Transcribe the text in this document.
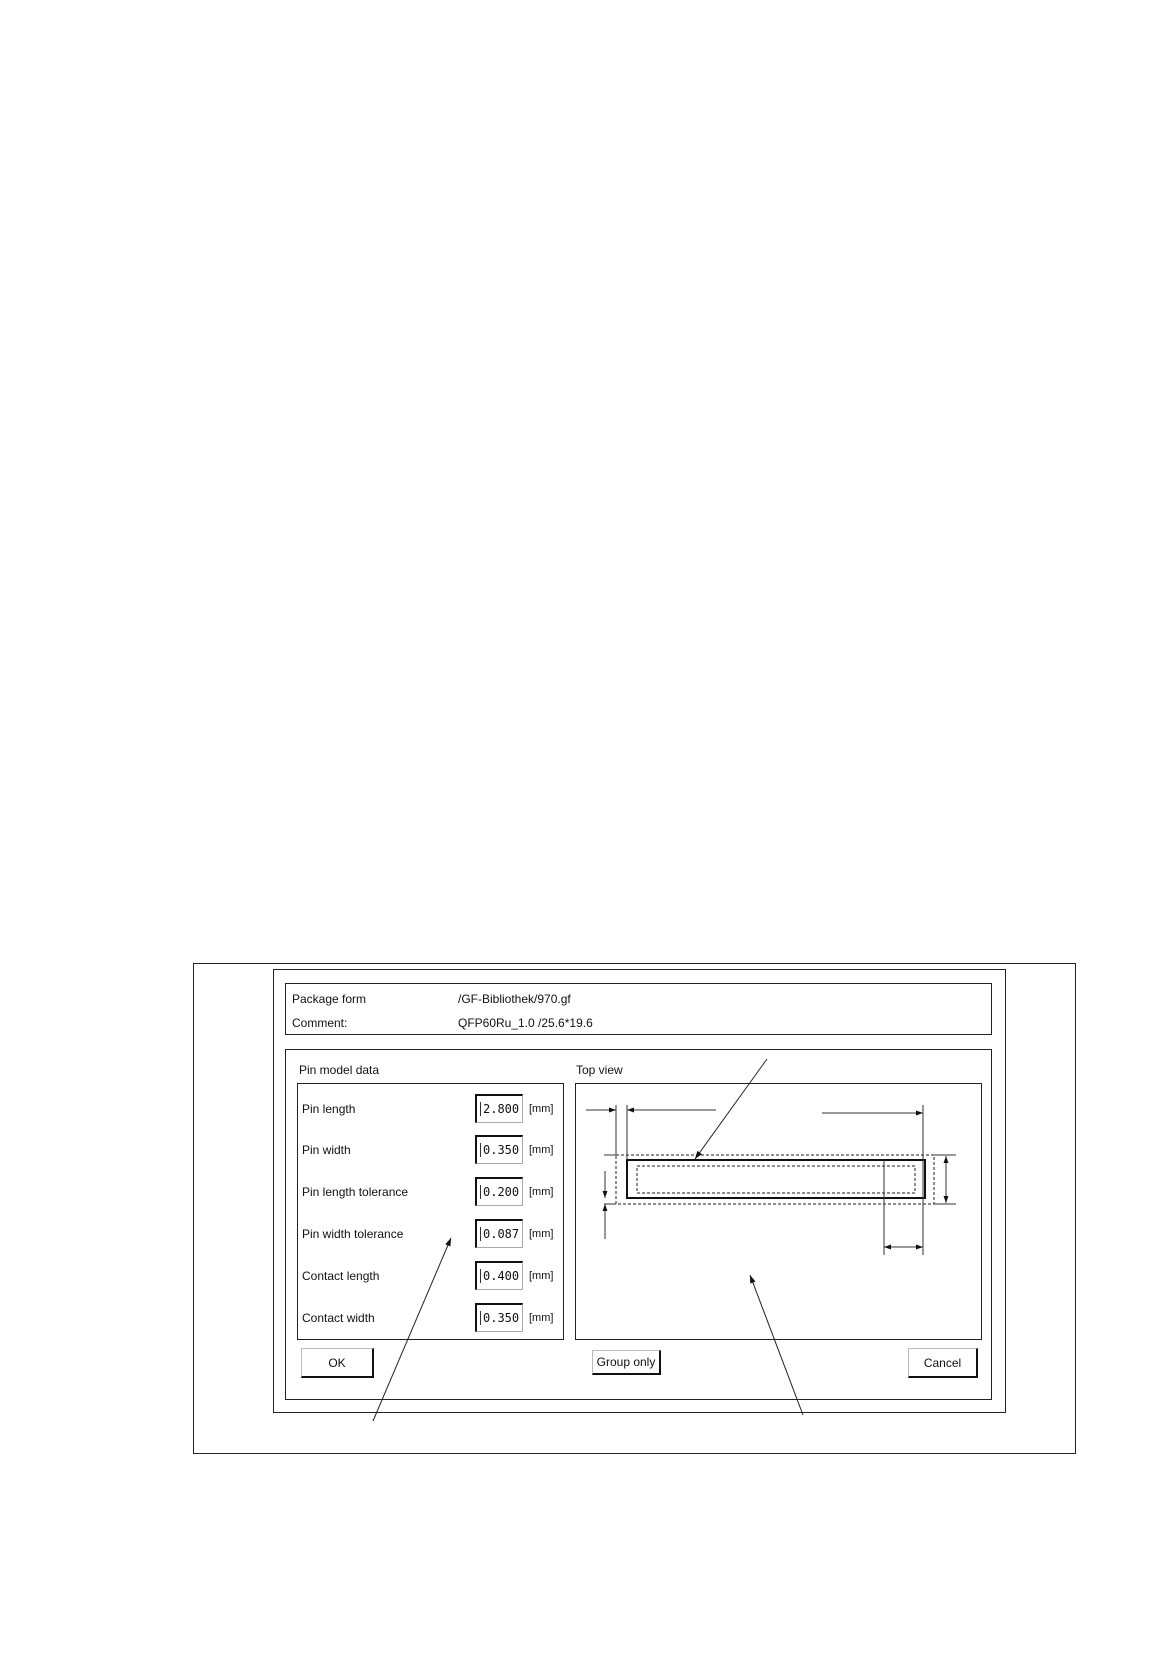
Package form	/GF-Bibliothek/970.gf
Comment:	QFP60Ru_1.0 /25.6*19.6
Pin model data	Top view
Pin length	2.800 [mm]
Pin width	0.350 [mm]
Pin length tolerance	0.200 [mm]
Pin width tolerance	0.087 [mm]
Contact length	0.400 [mm]
Contact width	0.350 [mm]
OK	Group only	Cancel
